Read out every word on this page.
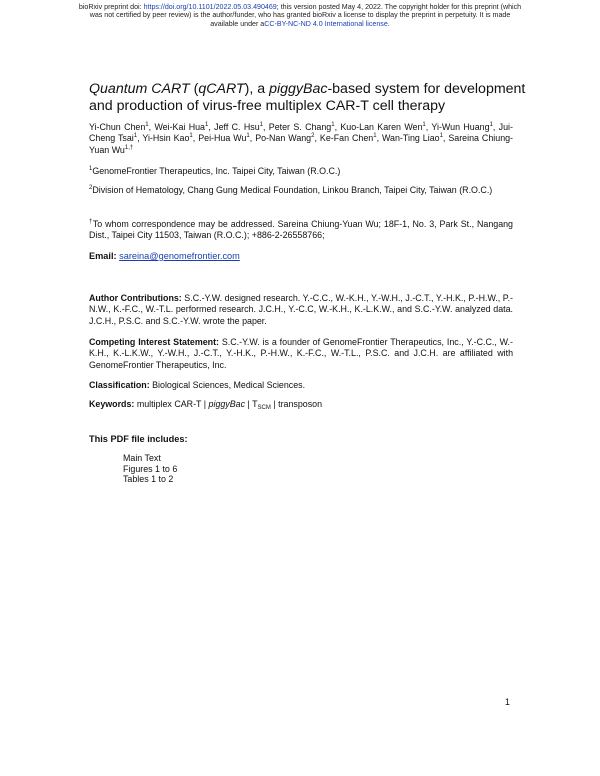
bioRxiv preprint doi: https://doi.org/10.1101/2022.05.03.490469; this version posted May 4, 2022. The copyright holder for this preprint (which
was not certified by peer review) is the author/funder, who has granted bioRxiv a license to display the preprint in perpetuity. It is made
available under aCC-BY-NC-ND 4.0 International license.
Quantum CART (qCART), a piggyBac-based system for development and production of virus-free multiplex CAR-T cell therapy
Yi-Chun Chen$^1$, Wei-Kai Hua$^1$, Jeff C. Hsu$^1$, Peter S. Chang$^1$, Kuo-Lan Karen Wen$^1$, Yi-Wun Huang$^1$, Jui-Cheng Tsai$^1$, Yi-Hsin Kao$^1$, Pei-Hua Wu$^1$, Po-Nan Wang$^2$, Ke-Fan Chen$^1$, Wan-Ting Liao$^1$, Sareina Chiung-Yuan $Wu^{1,\dagger}$
$^1$GenomeFrontier Therapeutics, Inc. Taipei City, Taiwan (R.O.C.)
$^2$Division of Hematology, Chang Gung Medical Foundation, Linkou Branch, Taipei City, Taiwan (R.O.C.)
†To whom correspondence may be addressed. Sareina Chiung-Yuan Wu; 18F-1, No. 3, Park St., Nangang Dist., Taipei City 11503, Taiwan (R.O.C.); +886-2-26558766;
Email: sareina@genomefrontier.com
Author Contributions: S.C.-Y.W. designed research. Y.-C.C., W.-K.H., Y.-W.H., J.-C.T., Y.-H.K., P.-H.W., P.-N.W., K.-F.C., W.-T.L. performed research. J.C.H., Y.-C.C, W.-K.H., K.-L.K.W., and S.C.-Y.W. analyzed data. J.C.H., P.S.C. and S.C.-Y.W. wrote the paper.
Competing Interest Statement: S.C.-Y.W. is a founder of GenomeFrontier Therapeutics, Inc., Y.-C.C., W.-K.H., K.-L.K.W., Y.-W.H., J.-C.T., Y.-H.K., P.-H.W., K.-F.C., W.-T.L., P.S.C. and J.C.H. are affiliated with GenomeFrontier Therapeutics, Inc.
Classification: Biological Sciences, Medical Sciences.
Keywords: multiplex CAR-T | piggyBac | $T_{SCM}$ | transposon
This PDF file includes:
Main Text
Figures 1 to 6
Tables 1 to 2
1
